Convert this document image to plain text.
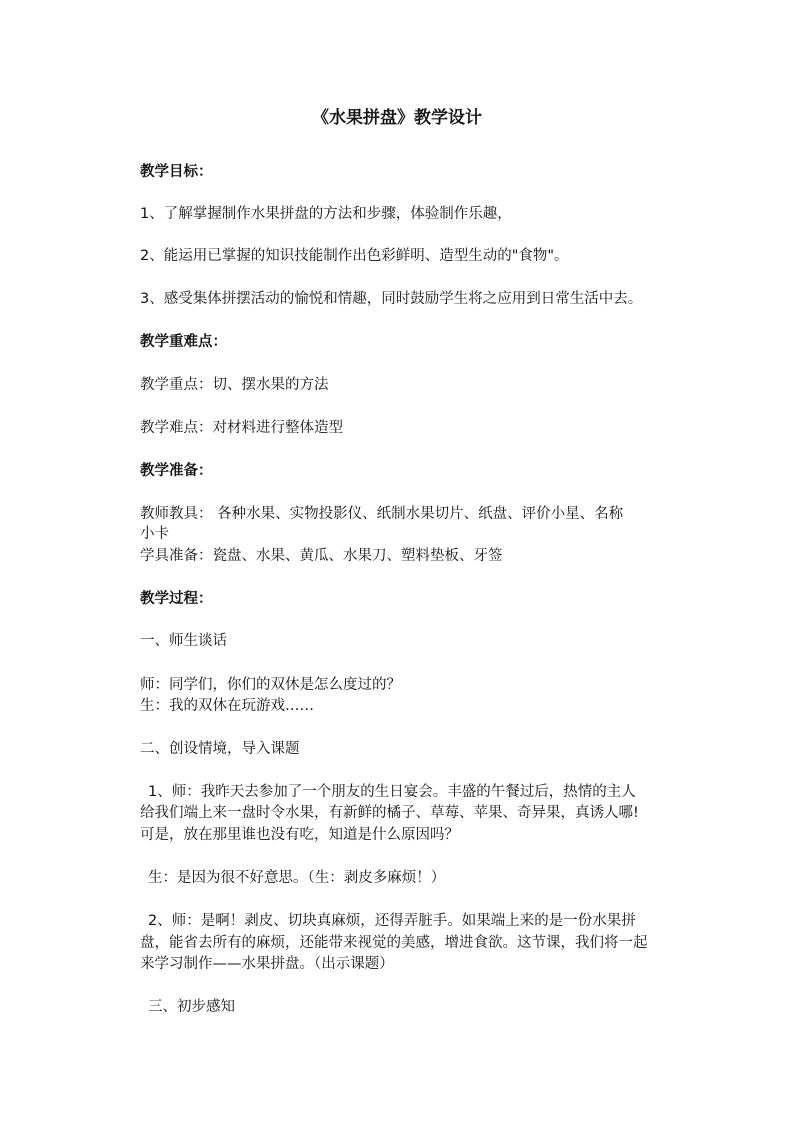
《水果拼盘》教学设计

教学目标：

1、了解掌握制作水果拼盘的方法和步骤，体验制作乐趣，

2、能运用已掌握的知识技能制作出色彩鲜明、造型生动的"食物"。

3、感受集体拼摆活动的愉悦和情趣，同时鼓励学生将之应用到日常生活中去。

教学重难点：

教学重点：切、摆水果的方法

教学难点：对材料进行整体造型

教学准备：

教师教具： 各种水果、实物投影仪、纸制水果切片、纸盘、评价小星、名称

小卡

学具准备：瓷盘、水果、黄瓜、水果刀、塑料垫板、牙签

教学过程：

一、师生谈话

师：同学们，你们的双休是怎么度过的？

生：我的双休在玩游戏……

二、创设情境，导入课题

1、师：我昨天去参加了一个朋友的生日宴会。丰盛的午餐过后，热情的主人

给我们端上来一盘时令水果，有新鲜的橘子、草莓、苹果、奇异果，真诱人哪!

可是，放在那里谁也没有吃，知道是什么原因吗？

生：是因为很不好意思。（生：剥皮多麻烦！）

2、师：是啊！剥皮、切块真麻烦，还得弄脏手。如果端上来的是一份水果拼

盘，能省去所有的麻烦，还能带来视觉的美感，增进食欲。这节课，我们将一起

来学习制作——水果拼盘。（出示课题）

三、初步感知
